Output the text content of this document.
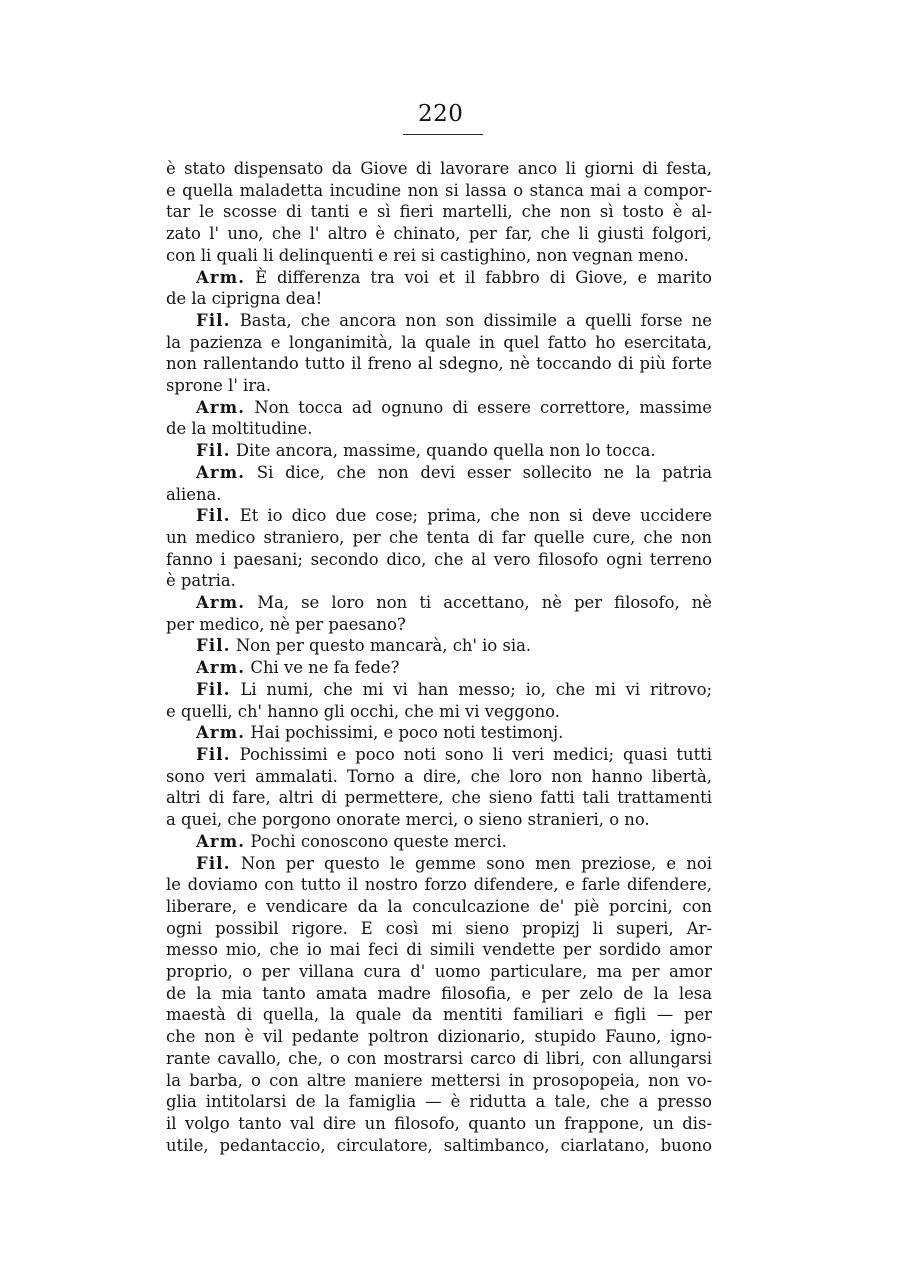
220
è stato dispensato da Giove di lavorare anco li giorni di festa,
e quella maladetta incudine non si lassa o stanca mai a compor-
tar le scosse di tanti e sì fieri martelli, che non sì tosto è al-
zato l' uno, che l' altro è chinato, per far, che li giusti folgori,
con li quali li delinquenti e rei si castighino, non vegnan meno.
Arm. È differenza tra voi et il fabbro di Giove, e marito
de la ciprigna dea!
Fil. Basta, che ancora non son dissimile a quelli forse ne
la pazienza e longanimità, la quale in quel fatto ho esercitata,
non rallentando tutto il freno al sdegno, nè toccando di più forte
sprone l' ira.
Arm. Non tocca ad ognuno di essere correttore, massime
de la moltitudine.
Fil. Dite ancora, massime, quando quella non lo tocca.
Arm. Si dice, che non devi esser sollecito ne la patria
aliena.
Fil. Et io dico due cose; prima, che non si deve uccidere
un medico straniero, per che tenta di far quelle cure, che non
fanno i paesani; secondo dico, che al vero filosofo ogni terreno
è patria.
Arm. Ma, se loro non ti accettano, nè per filosofo, nè
per medico, nè per paesano?
Fil. Non per questo mancarà, ch' io sia.
Arm. Chi ve ne fa fede?
Fil. Li numi, che mi vi han messo; io, che mi vi ritrovo;
e quelli, ch' hanno gli occhi, che mi vi veggono.
Arm. Hai pochissimi, e poco noti testimonj.
Fil. Pochissimi e poco noti sono li veri medici; quasi tutti
sono veri ammalati. Torno a dire, che loro non hanno libertà,
altri di fare, altri di permettere, che sieno fatti tali trattamenti
a quei, che porgono onorate merci, o sieno stranieri, o no.
Arm. Pochi conoscono queste merci.
Fil. Non per questo le gemme sono men preziose, e noi
le doviamo con tutto il nostro forzo difendere, e farle difendere,
liberare, e vendicare da la conculcazione de' piè porcini, con
ogni possibil rigore. E così mi sieno propizj li superi, Ar-
messo mio, che io mai feci di simili vendette per sordido amor
proprio, o per villana cura d' uomo particulare, ma per amor
de la mia tanto amata madre filosofia, e per zelo de la lesa
maestà di quella, la quale da mentiti familiari e figli — per
che non è vil pedante poltron dizionario, stupido Fauno, igno-
rante cavallo, che, o con mostrarsi carco di libri, con allungarsi
la barba, o con altre maniere mettersi in prosopopeia, non vo-
glia intitolarsi de la famiglia — è ridutta a tale, che a presso
il volgo tanto val dire un filosofo, quanto un frappone, un dis-
utile, pedantaccio, circulatore, saltimbanco, ciarlatano, buono
